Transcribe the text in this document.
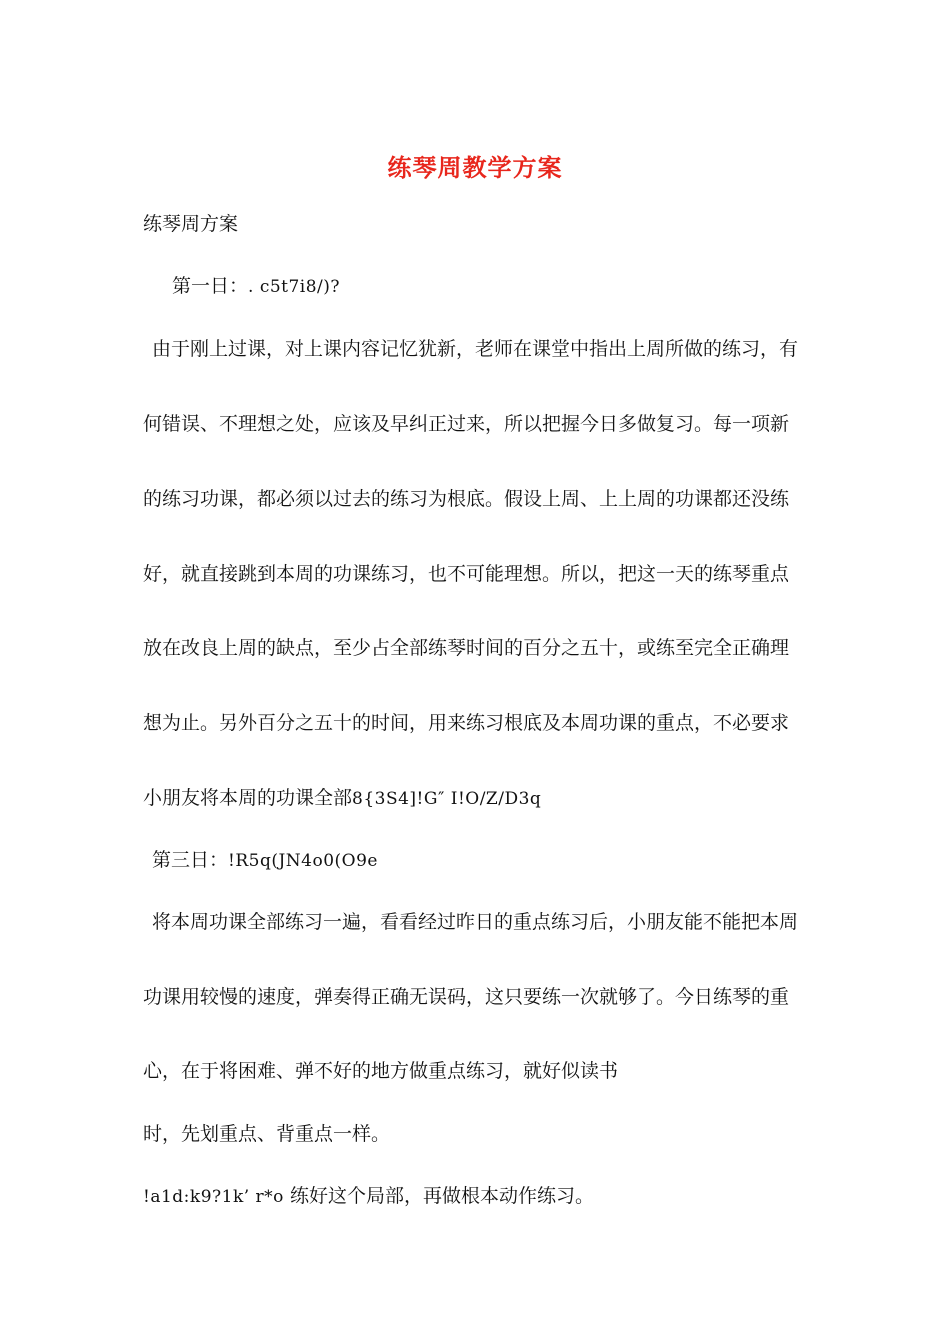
练琴周教学方案
练琴周方案
第一日：. c5t7i8/)?
由于刚上过课，对上课内容记忆犹新，老师在课堂中指出上周所做的练习，有
何错误、不理想之处，应该及早纠正过来，所以把握今日多做复习。每一项新
的练习功课，都必须以过去的练习为根底。假设上周、上上周的功课都还没练
好，就直接跳到本周的功课练习，也不可能理想。所以，把这一天的练琴重点
放在改良上周的缺点，至少占全部练琴时间的百分之五十，或练至完全正确理
想为止。另外百分之五十的时间，用来练习根底及本周功课的重点，不必要求
小朋友将本周的功课全部8{3S4]!G″ I!O/Z/D3q
第三日：!R5q(JN4o0(O9e
将本周功课全部练习一遍，看看经过昨日的重点练习后，小朋友能不能把本周
功课用较慢的速度，弹奏得正确无误码，这只要练一次就够了。今日练琴的重
心，在于将困难、弹不好的地方做重点练习，就好似读书
时，先划重点、背重点一样。
!a1d:k9?1k’ r*o 练好这个局部，再做根本动作练习。
